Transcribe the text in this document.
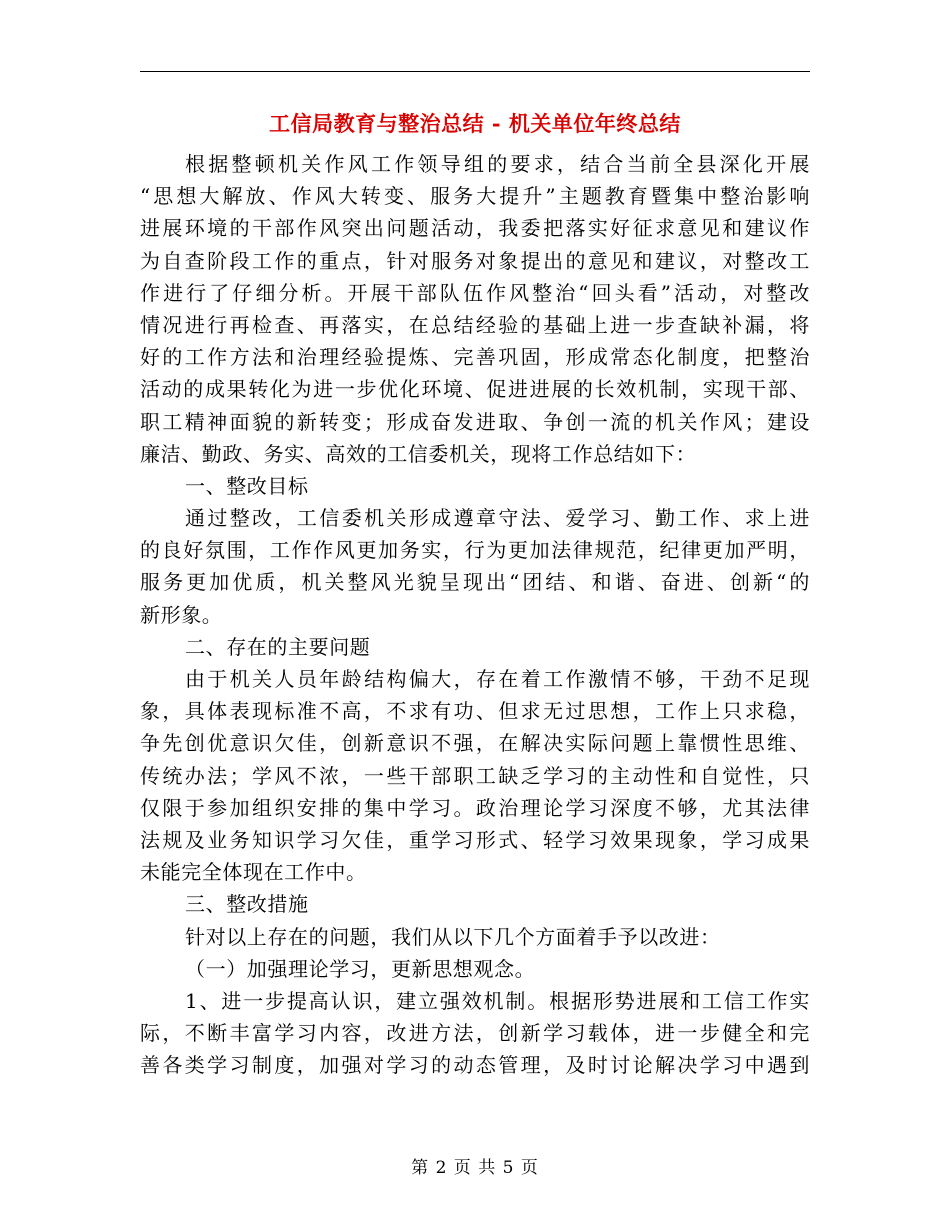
工信局教育与整治总结 - 机关单位年终总结
根据整顿机关作风工作领导组的要求，结合当前全县深化开展
“思想大解放、作风大转变、服务大提升”主题教育暨集中整治影响
进展环境的干部作风突出问题活动，我委把落实好征求意见和建议作
为自查阶段工作的重点，针对服务对象提出的意见和建议，对整改工
作进行了仔细分析。开展干部队伍作风整治“回头看”活动，对整改
情况进行再检查、再落实，在总结经验的基础上进一步查缺补漏，将
好的工作方法和治理经验提炼、完善巩固，形成常态化制度，把整治
活动的成果转化为进一步优化环境、促进进展的长效机制，实现干部、
职工精神面貌的新转变；形成奋发进取、争创一流的机关作风；建设
廉洁、勤政、务实、高效的工信委机关，现将工作总结如下：
一、整改目标
通过整改，工信委机关形成遵章守法、爱学习、勤工作、求上进
的良好氛围，工作作风更加务实，行为更加法律规范，纪律更加严明，
服务更加优质，机关整风光貌呈现出“团结、和谐、奋进、创新“的
新形象。
二、存在的主要问题
由于机关人员年龄结构偏大，存在着工作激情不够，干劲不足现
象，具体表现标准不高，不求有功、但求无过思想，工作上只求稳，
争先创优意识欠佳，创新意识不强，在解决实际问题上靠惯性思维、
传统办法；学风不浓，一些干部职工缺乏学习的主动性和自觉性，只
仅限于参加组织安排的集中学习。政治理论学习深度不够，尤其法律
法规及业务知识学习欠佳，重学习形式、轻学习效果现象，学习成果
未能完全体现在工作中。
三、整改措施
针对以上存在的问题，我们从以下几个方面着手予以改进：
（一）加强理论学习，更新思想观念。
1、进一步提高认识，建立强效机制。根据形势进展和工信工作实
际，不断丰富学习内容，改进方法，创新学习载体，进一步健全和完
善各类学习制度，加强对学习的动态管理，及时讨论解决学习中遇到
第 2 页 共 5 页
